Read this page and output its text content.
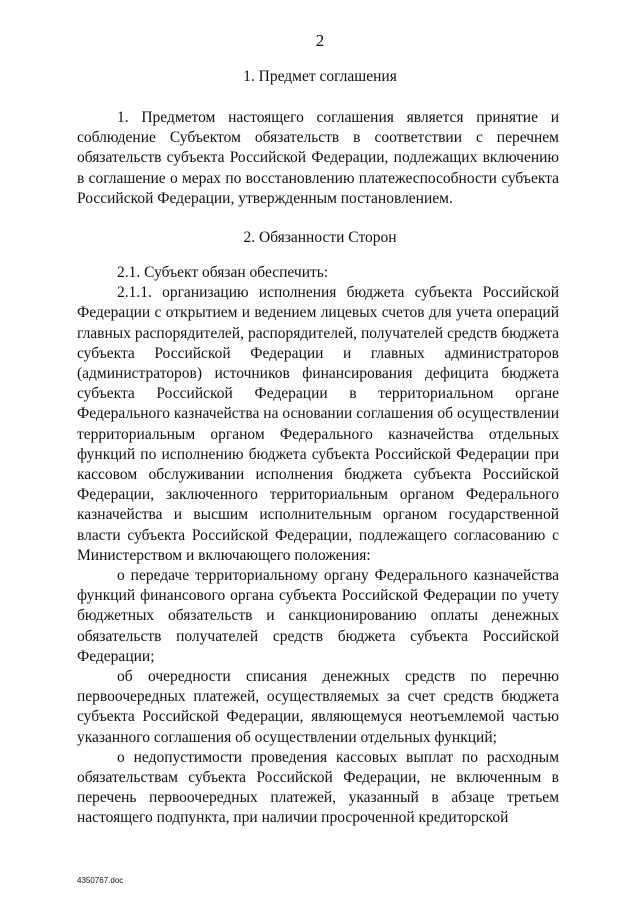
2
1. Предмет соглашения

1. Предметом настоящего соглашения является принятие и соблюдение Субъектом обязательств в соответствии с перечнем обязательств субъекта Российской Федерации, подлежащих включению в соглашение о мерах по восстановлению платежеспособности субъекта Российской Федерации, утвержденным постановлением.

2. Обязанности Сторон

2.1. Субъект обязан обеспечить:

2.1.1. организацию исполнения бюджета субъекта Российской Федерации с открытием и ведением лицевых счетов для учета операций главных распорядителей, распорядителей, получателей средств бюджета субъекта Российской Федерации и главных администраторов (администраторов) источников финансирования дефицита бюджета субъекта Российской Федерации в территориальном органе Федерального казначейства на основании соглашения об осуществлении территориальным органом Федерального казначейства отдельных функций по исполнению бюджета субъекта Российской Федерации при кассовом обслуживании исполнения бюджета субъекта Российской Федерации, заключенного территориальным органом Федерального казначейства и высшим исполнительным органом государственной власти субъекта Российской Федерации, подлежащего согласованию с Министерством и включающего положения:

о передаче территориальному органу Федерального казначейства функций финансового органа субъекта Российской Федерации по учету бюджетных обязательств и санкционированию оплаты денежных обязательств получателей средств бюджета субъекта Российской Федерации;

об очередности списания денежных средств по перечню первоочередных платежей, осуществляемых за счет средств бюджета субъекта Российской Федерации, являющемуся неотъемлемой частью указанного соглашения об осуществлении отдельных функций;

о недопустимости проведения кассовых выплат по расходным обязательствам субъекта Российской Федерации, не включенным в перечень первоочередных платежей, указанный в абзаце третьем настоящего подпункта, при наличии просроченной кредиторской

4350767.doc
